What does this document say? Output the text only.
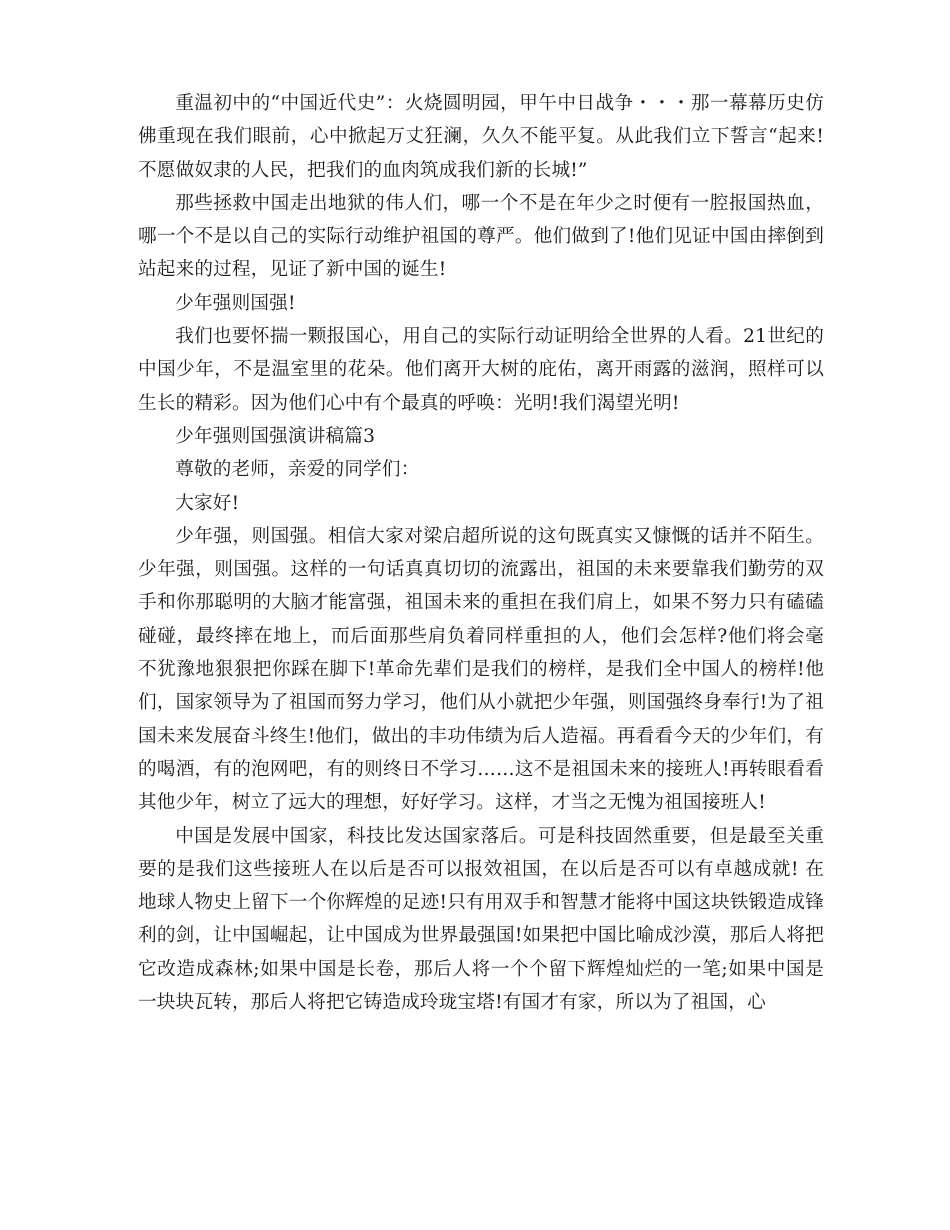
重温初中的“中国近代史”：火烧圆明园，甲午中日战争・・・那一幕幕历史仿佛重现在我们眼前，心中掀起万丈狂澜，久久不能平复。从此我们立下誓言“起来!不愿做奴隶的人民，把我们的血肉筑成我们新的长城!”

那些拯救中国走出地狱的伟人们，哪一个不是在年少之时便有一腔报国热血，哪一个不是以自己的实际行动维护祖国的尊严。他们做到了!他们见证中国由摔倒到站起来的过程，见证了新中国的诞生!

少年强则国强!

我们也要怀揣一颗报国心，用自己的实际行动证明给全世界的人看。21世纪的中国少年，不是温室里的花朵。他们离开大树的庇佑，离开雨露的滋润，照样可以生长的精彩。因为他们心中有个最真的呼唤：光明!我们渴望光明!

少年强则国强演讲稿篇3

尊敬的老师，亲爱的同学们：

大家好!

少年强，则国强。相信大家对梁启超所说的这句既真实又慷慨的话并不陌生。少年强，则国强。这样的一句话真真切切的流露出，祖国的未来要靠我们勤劳的双手和你那聪明的大脑才能富强，祖国未来的重担在我们肩上，如果不努力只有磕磕碰碰，最终摔在地上，而后面那些肩负着同样重担的人，他们会怎样?他们将会毫不犹豫地狠狠把你踩在脚下!革命先辈们是我们的榜样，是我们全中国人的榜样!他们，国家领导为了祖国而努力学习，他们从小就把少年强，则国强终身奉行!为了祖国未来发展奋斗终生!他们，做出的丰功伟绩为后人造福。再看看今天的少年们，有的喝酒，有的泡网吧，有的则终日不学习……这不是祖国未来的接班人!再转眼看看其他少年，树立了远大的理想，好好学习。这样，才当之无愧为祖国接班人!

中国是发展中国家，科技比发达国家落后。可是科技固然重要，但是最至关重要的是我们这些接班人在以后是否可以报效祖国，在以后是否可以有卓越成就! 在地球人物史上留下一个你辉煌的足迹!只有用双手和智慧才能将中国这块铁锻造成锋利的剑，让中国崛起，让中国成为世界最强国!如果把中国比喻成沙漠，那后人将把它改造成森林;如果中国是长卷，那后人将一个个留下辉煌灿烂的一笔;如果中国是一块块瓦转，那后人将把它铸造成玲珑宝塔!有国才有家，所以为了祖国，心
